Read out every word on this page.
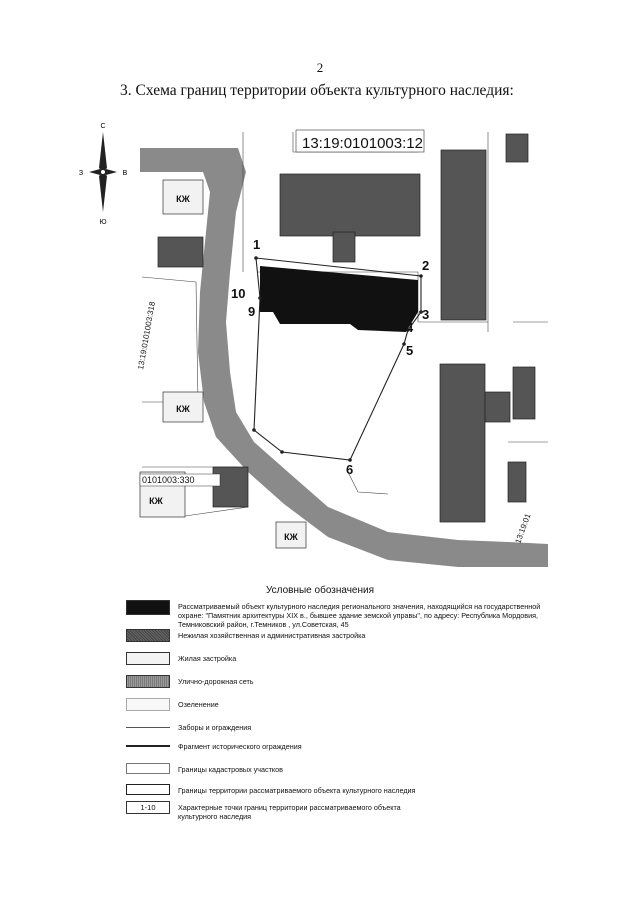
2
3. Схема границ территории объекта культурного наследия:
С
Ю
З	В
КЖ
КЖ
КЖ
КЖ
1
2
3
4
5
6
9
10
13:19:0101003:12
13:19:0101003:318
0101003:330
13:19:01
Условные обозначения
Рассматриваемый объект культурного наследия регионального значения, находящийся на государственной охране: "Памятник архитектуры XIX в., бывшее здание земской управы", по адресу: Республика Мордовия, Темниковский район, г.Темников , ул.Советская, 45
Нежилая хозяйственная и административная застройка
Жилая застройка
Улично-дорожная сеть
Озеленение
Заборы и ограждения
Фрагмент исторического ограждения
Границы кадастровых участков
Границы территории рассматриваемого объекта культурного наследия
1-10	Характерные точки границ территории рассматриваемого объекта культурного наследия
